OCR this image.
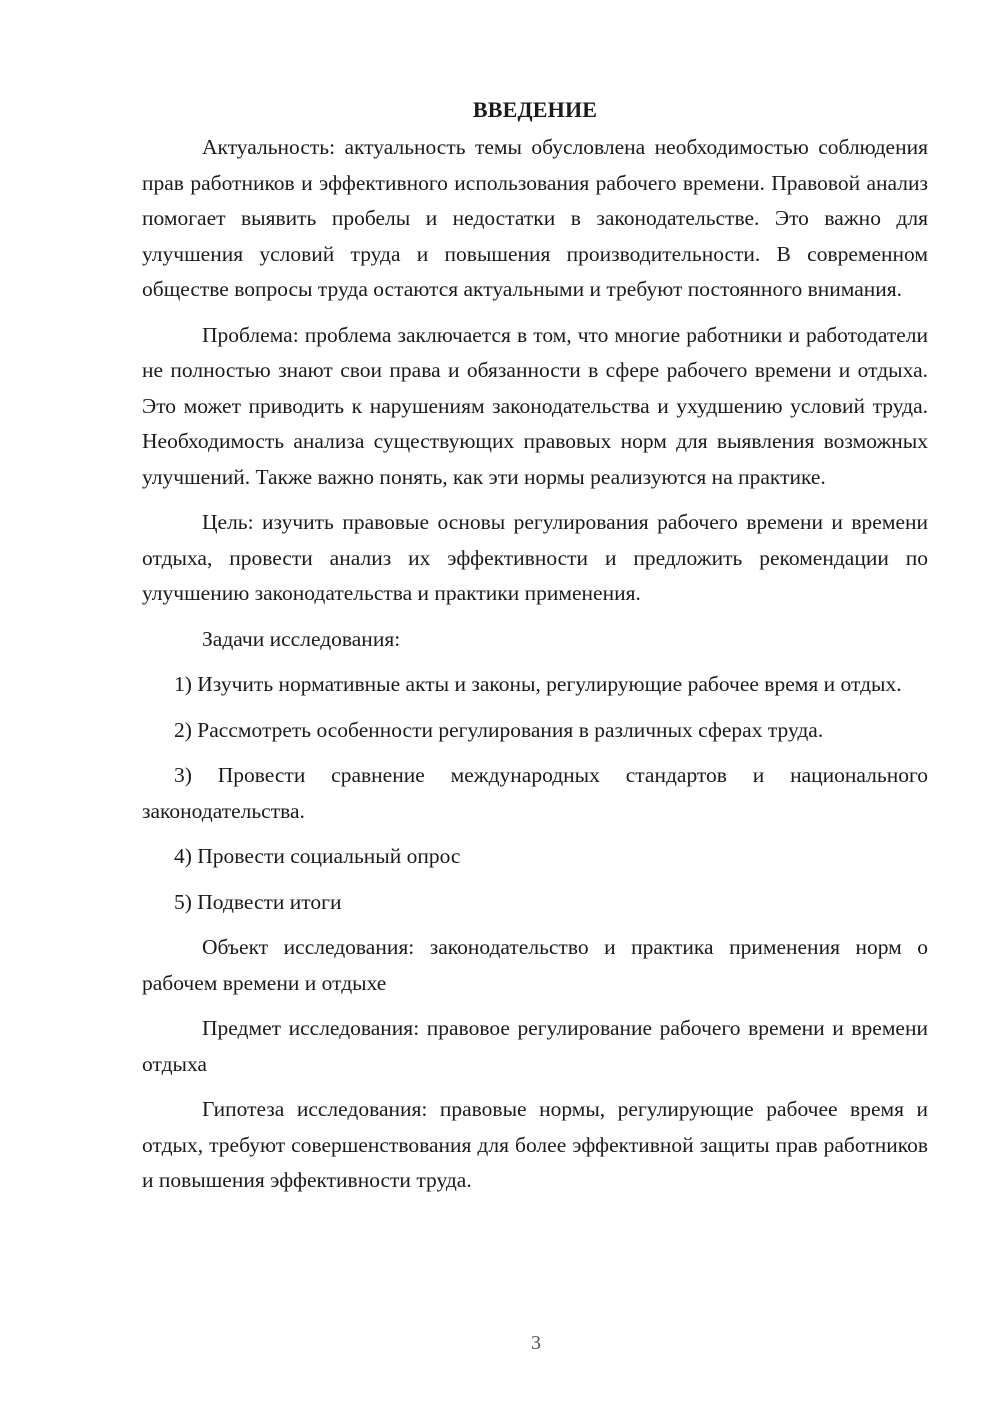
ВВЕДЕНИЕ

Актуальность: актуальность темы обусловлена необходимостью соблюдения прав работников и эффективного использования рабочего времени. Правовой анализ помогает выявить пробелы и недостатки в законодательстве. Это важно для улучшения условий труда и повышения производительности. В современном обществе вопросы труда остаются актуальными и требуют постоянного внимания.

Проблема: проблема заключается в том, что многие работники и работодатели не полностью знают свои права и обязанности в сфере рабочего времени и отдыха. Это может приводить к нарушениям законодательства и ухудшению условий труда. Необходимость анализа существующих правовых норм для выявления возможных улучшений. Также важно понять, как эти нормы реализуются на практике.

Цель: изучить правовые основы регулирования рабочего времени и времени отдыха, провести анализ их эффективности и предложить рекомендации по улучшению законодательства и практики применения.

Задачи исследования:

1) Изучить нормативные акты и законы, регулирующие рабочее время и отдых.

2) Рассмотреть особенности регулирования в различных сферах труда.

3) Провести сравнение международных стандартов и национального законодательства.

4) Провести социальный опрос

5) Подвести итоги

Объект исследования: законодательство и практика применения норм о рабочем времени и отдыхе

Предмет исследования: правовое регулирование рабочего времени и времени отдыха

Гипотеза исследования: правовые нормы, регулирующие рабочее время и отдых, требуют совершенствования для более эффективной защиты прав работников и повышения эффективности труда.

3
